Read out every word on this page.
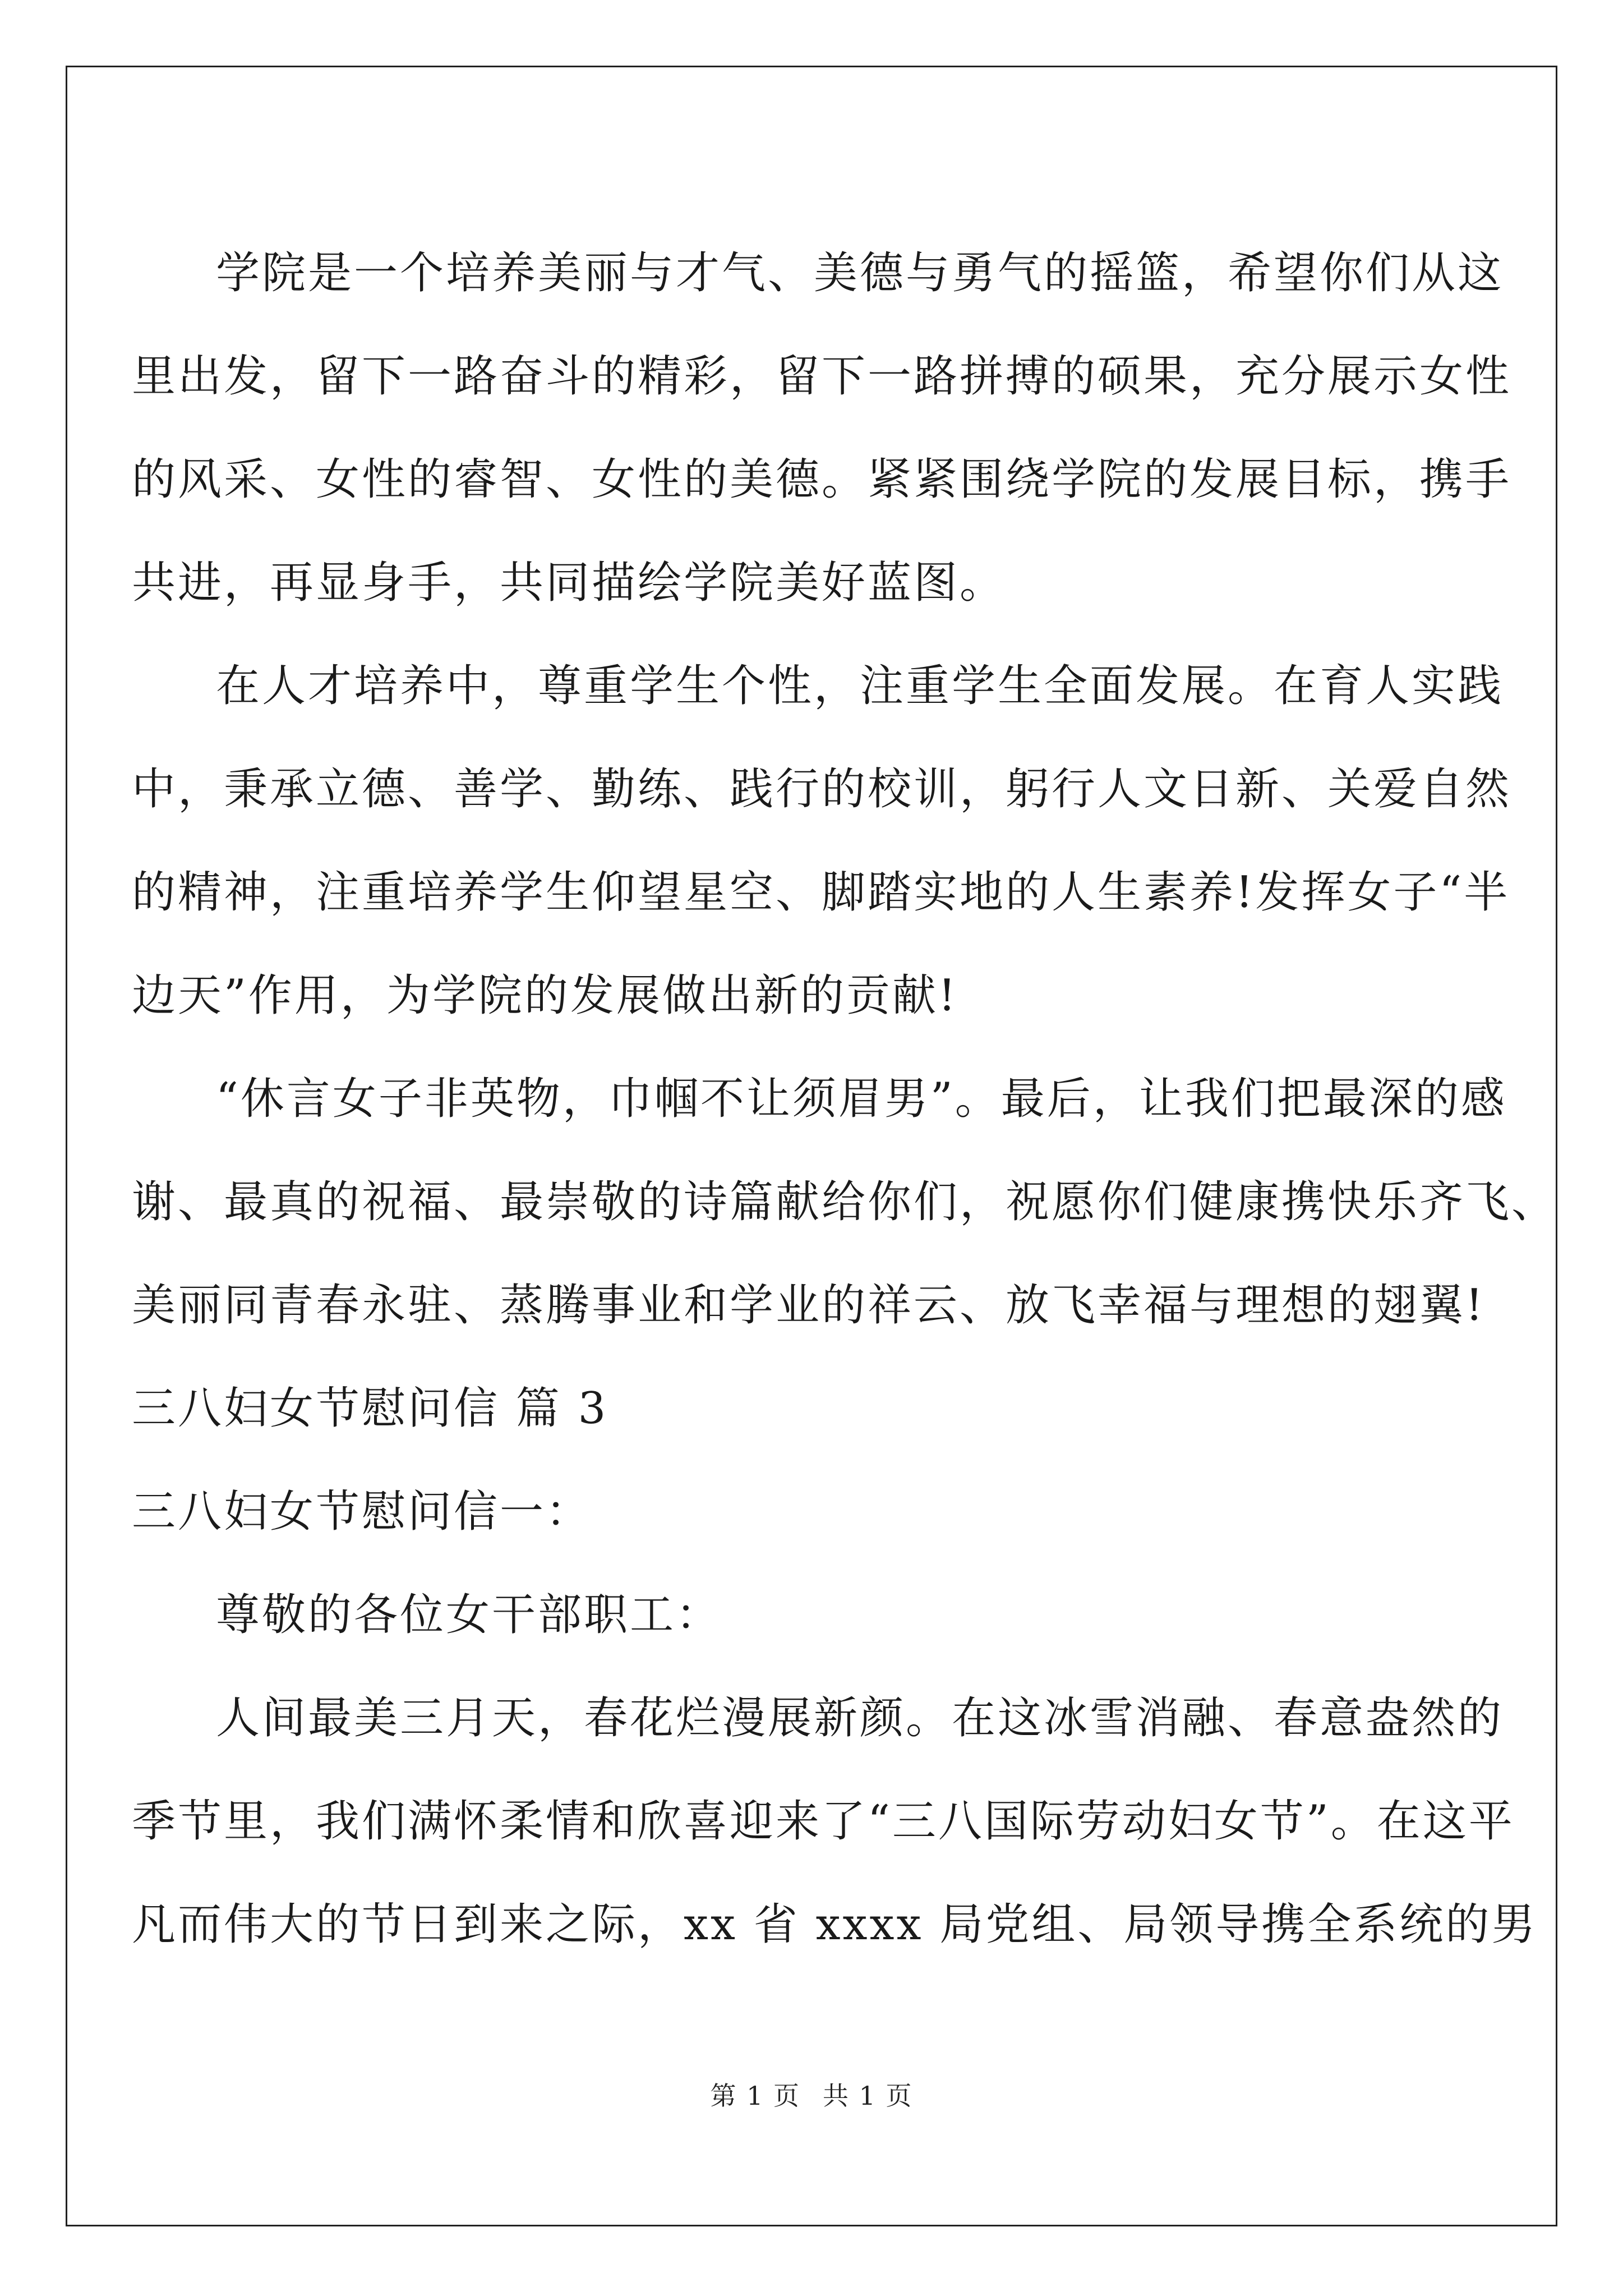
学院是一个培养美丽与才气、美德与勇气的摇篮，希望你们从这
里出发，留下一路奋斗的精彩，留下一路拼搏的硕果，充分展示女性
的风采、女性的睿智、女性的美德。紧紧围绕学院的发展目标，携手
共进，再显身手，共同描绘学院美好蓝图。
在人才培养中，尊重学生个性，注重学生全面发展。在育人实践
中，秉承立德、善学、勤练、践行的校训，躬行人文日新、关爱自然
的精神，注重培养学生仰望星空、脚踏实地的人生素养!发挥女子“半
边天”作用，为学院的发展做出新的贡献!
“休言女子非英物，巾帼不让须眉男”。最后，让我们把最深的感
谢、最真的祝福、最崇敬的诗篇献给你们，祝愿你们健康携快乐齐飞、
美丽同青春永驻、蒸腾事业和学业的祥云、放飞幸福与理想的翅翼!
三八妇女节慰问信 篇 3
三八妇女节慰问信一：
尊敬的各位女干部职工：
人间最美三月天，春花烂漫展新颜。在这冰雪消融、春意盎然的
季节里，我们满怀柔情和欣喜迎来了“三八国际劳动妇女节”。在这平
凡而伟大的节日到来之际，xx 省 xxxx 局党组、局领导携全系统的男
第 1 页 共 1 页
